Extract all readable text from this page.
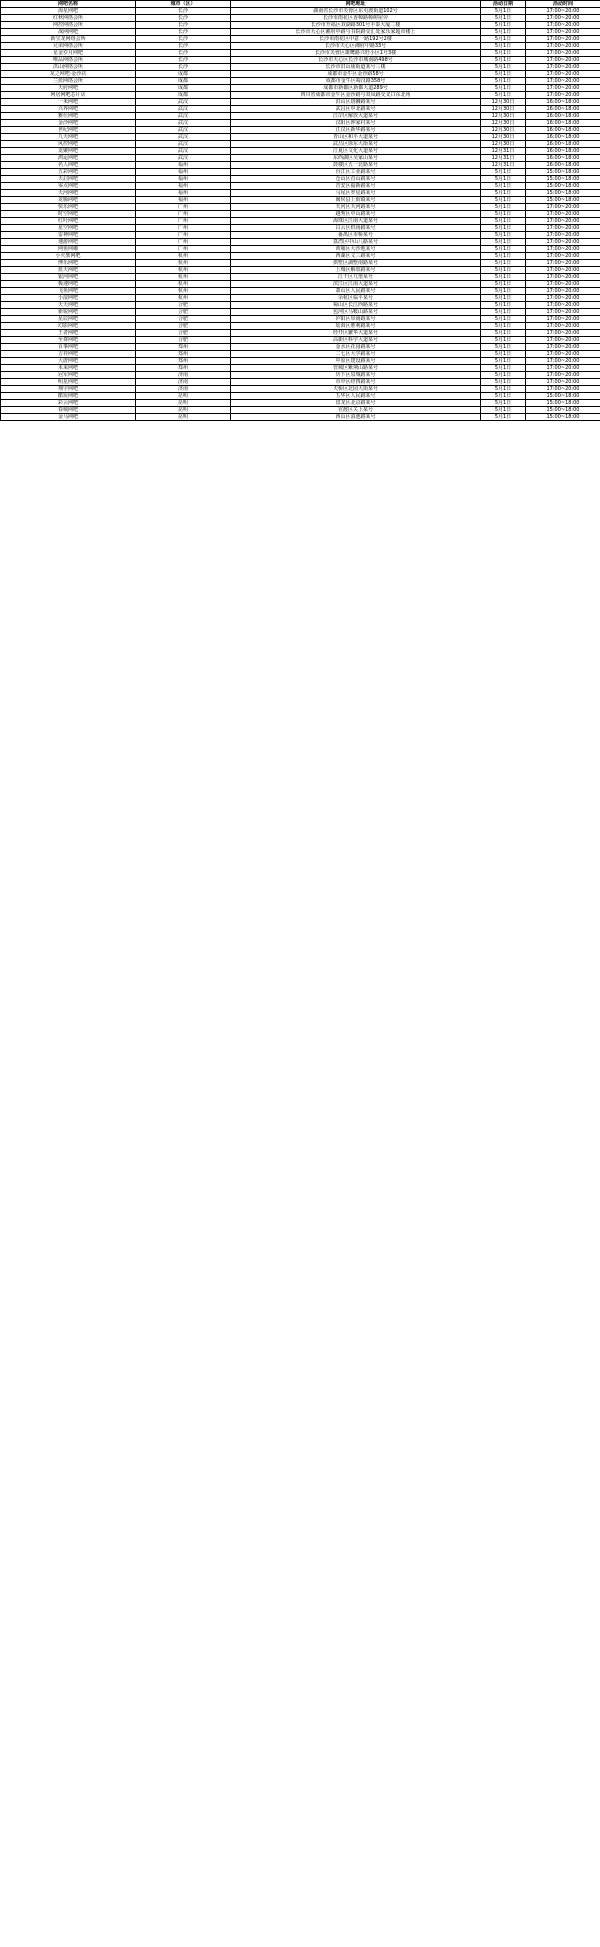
网吧名称	城市（区）	网吧地址	活动日期	活动时间
海星网吧	长沙	湖南省长沙市芙蓉区东屯渡街道102号	5月1日	17:00~20:00
红秋网络会所	长沙	长沙市雨花区香樟路樟树屋旁	5月1日	17:00~20:00
网控网络会所	长沙	长沙市开福区双湖路301号丰泰大厦二楼	5月1日	17:00~20:00
战网网吧	长沙	长沙市天心区湘府中路与书院路交汇处家乐家超市楼上	5月1日	17:00~20:00
新宝龙网络会所	长沙	长沙市雨花区中意一路192号2楼	5月1日	17:00~20:00
兄弟网络会所	长沙	长沙市天心区湘府中路33号	5月1日	17:00~20:00
星金岁月网吧	长沙	长沙市芙蓉区雄鹰路兴旺小区1号3楼	5月1日	17:00~20:00
唯品网络会所	长沙	长沙市天心区长沙市城南路498号	5月1日	17:00~20:00
洪山网络会所	长沙	长沙市洪山庙街道某号三楼	5月1日	17:00~20:00
龙之网吧·金沙店	成都	成都市金牛区金沙路58号	5月1日	17:00~20:00
兰蓝网络会所	成都	成都市金牛区蜀汉路358号	5月1日	17:00~20:00
天府网吧	成都	成都市新都区新都大道289号	5月1日	17:00~20:00
网居网吧芯片店	成都	四川省成都市金牛区金沙路与双凤路交叉口东北角	5月1日	17:00~20:00
一米网吧	武汉	洪山区珞狮路某号	12月30日	16:00~18:00
兴界网吧	武汉	武昌区中北路某号	12月30日	16:00~18:00
雅仕网吧	武汉	江岸区解放大道某号	12月30日	16:00~18:00
金沙网吧	武汉	汉阳区钟家村某号	12月30日	16:00~18:00
世纪网吧	武汉	江汉区新华路某号	12月30日	16:00~18:00
九天网吧	武汉	青山区和平大道某号	12月30日	16:00~18:00
风控网吧	武汉	武昌区徐东大街某号	12月30日	16:00~18:00
龙聚网吧	武汉	江夏区文化大道某号	12月31日	16:00~18:00
鸿运网吧	武汉	东西湖区吴家山某号	12月31日	16:00~18:00
名人网吧	福州	鼓楼区五一北路某号	12月31日	16:00~18:00
五彩网吧	福州	台江区工业路某号	5月1日	15:00~18:00
天启网吧	福州	仓山区首山路某号	5月1日	15:00~18:00
零点网吧	福州	晋安区福新路某号	5月1日	15:00~18:00
天河网吧	福州	马尾区罗星路某号	5月1日	15:00~18:00
龙腾网吧	福州	闽侯县上街镇某号	5月1日	15:00~18:00
快乐网吧	广州	天河区天河路某号	5月1日	17:00~20:00
时空网吧	广州	越秀区中山路某号	5月1日	17:00~20:00
红叶网吧	广州	海珠区江南大道某号	5月1日	17:00~20:00
星空网吧	广州	白云区机场路某号	5月1日	17:00~20:00
雷神网吧	广州	番禺区市桥某号	5月1日	17:00~20:00
速游网吧	广州	荔湾区中山八路某号	5月1日	17:00~20:00
网鱼网咖	广州	黄埔区大沙地某号	5月1日	17:00~20:00
小火柴网吧	杭州	西湖区文三路某号	5月1日	17:00~20:00
博乐网吧	杭州	拱墅区湖墅南路某号	5月1日	17:00~20:00
蓝天网吧	杭州	上城区解放路某号	5月1日	17:00~20:00
银河网吧	杭州	江干区九堡某号	5月1日	17:00~20:00
极速网吧	杭州	滨江区江南大道某号	5月1日	17:00~20:00
飞鱼网吧	杭州	萧山区人民路某号	5月1日	17:00~20:00
小浪网吧	杭州	余杭区临平某号	5月1日	17:00~20:00
天天网吧	合肥	蜀山区长江西路某号	5月1日	17:00~20:00
新锐网吧	合肥	包河区马鞍山路某号	5月1日	17:00~20:00
星辰网吧	合肥	庐阳区阜南路某号	5月1日	17:00~20:00
幻影网吧	合肥	瑶海区胜利路某号	5月1日	17:00~20:00
王者网吧	合肥	经开区繁华大道某号	5月1日	17:00~20:00
至尊网吧	合肥	高新区科学大道某号	5月1日	17:00~20:00
百事网吧	郑州	金水区花园路某号	5月1日	17:00~20:00
吉祥网吧	郑州	二七区大学路某号	5月1日	17:00~20:00
大唐网吧	郑州	中原区建设路某号	5月1日	17:00~20:00
未来网吧	郑州	管城区紫荆山路某号	5月1日	17:00~20:00
冠军网吧	济南	历下区泉城路某号	5月1日	17:00~20:00
明星网吧	济南	市中区经四路某号	5月1日	17:00~20:00
翔宇网吧	济南	天桥区北园大街某号	5月1日	17:00~20:00
酷玩网吧	昆明	五华区人民路某号	5月1日	15:00~18:00
彩云网吧	昆明	盘龙区北京路某号	5月1日	15:00~18:00
春城网吧	昆明	官渡区关上某号	5月1日	15:00~18:00
金马网吧	昆明	西山区滇池路某号	5月1日	15:00~18:00
